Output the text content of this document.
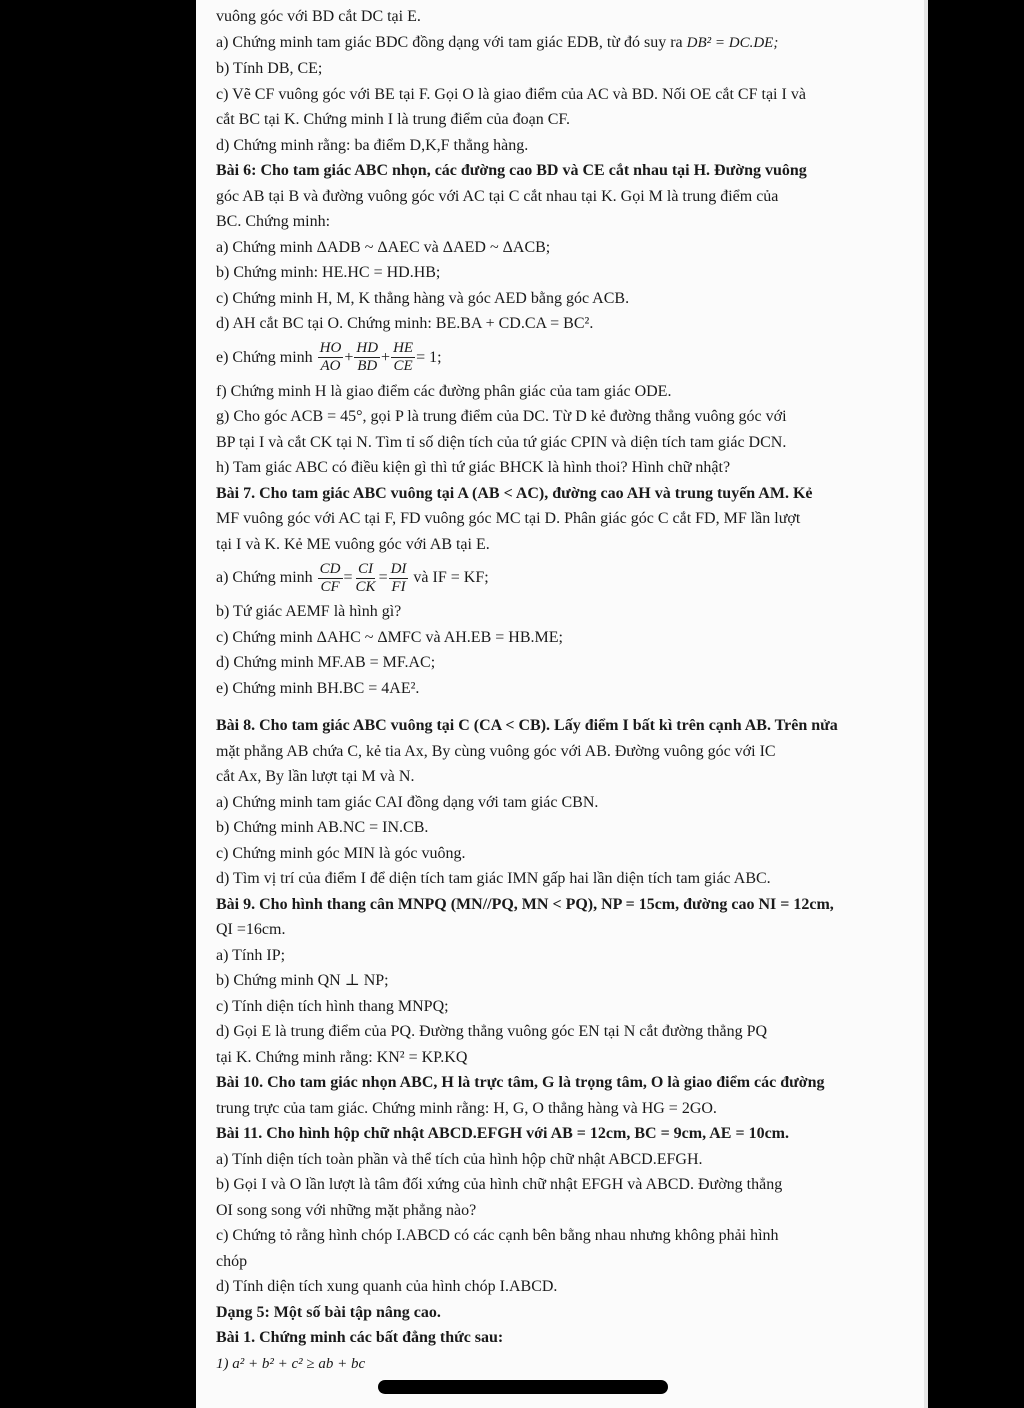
vuông góc với BD cắt DC tại E.
a) Chứng minh tam giác BDC đồng dạng với tam giác EDB, từ đó suy ra DB² = DC.DE;
b) Tính DB, CE;
c) Vẽ CF vuông góc với BE tại F. Gọi O là giao điểm của AC và BD. Nối OE cắt CF tại I và
cắt BC tại K. Chứng minh I là trung điểm của đoạn CF.
d) Chứng minh rằng: ba điểm D,K,F thẳng hàng.
Bài 6: Cho tam giác ABC nhọn, các đường cao BD và CE cắt nhau tại H. Đường vuông
góc AB tại B và đường vuông góc với AC tại C cắt nhau tại K. Gọi M là trung điểm của
BC. Chứng minh:
a) Chứng minh ΔADB ~ ΔAEC và ΔAED ~ ΔACB;
b) Chứng minh: HE.HC = HD.HB;
c) Chứng minh H, M, K thẳng hàng và góc AED bằng góc ACB.
d) AH cắt BC tại O. Chứng minh: BE.BA + CD.CA = BC².
e) Chứng minh $\frac{HO}{AO} + \frac{HD}{BD} + \frac{HE}{CE} = 1$;
f) Chứng minh H là giao điểm các đường phân giác của tam giác ODE.
g) Cho góc ACB = 45°, gọi P là trung điểm của DC. Từ D kẻ đường thẳng vuông góc với
BP tại I và cắt CK tại N. Tìm tỉ số diện tích của tứ giác CPIN và diện tích tam giác DCN.
h) Tam giác ABC có điều kiện gì thì tứ giác BHCK là hình thoi? Hình chữ nhật?
Bài 7. Cho tam giác ABC vuông tại A (AB < AC), đường cao AH và trung tuyến AM. Kẻ
MF vuông góc với AC tại F, FD vuông góc MC tại D. Phân giác góc C cắt FD, MF lần lượt
tại I và K. Kẻ ME vuông góc với AB tại E.
a) Chứng minh $\frac{CD}{CF} = \frac{CI}{CK} = \frac{DI}{FI}$ và IF = KF;
b) Tứ giác AEMF là hình gì?
c) Chứng minh ΔAHC ~ ΔMFC và AH.EB = HB.ME;
d) Chứng minh MF.AB = MF.AC;
e) Chứng minh BH.BC = 4AE².
Bài 8. Cho tam giác ABC vuông tại C (CA < CB). Lấy điểm I bất kì trên cạnh AB. Trên nửa
mặt phẳng AB chứa C, kẻ tia Ax, By cùng vuông góc với AB. Đường vuông góc với IC
cắt Ax, By lần lượt tại M và N.
a) Chứng minh tam giác CAI đồng dạng với tam giác CBN.
b) Chứng minh AB.NC = IN.CB.
c) Chứng minh góc MIN là góc vuông.
d) Tìm vị trí của điểm I để diện tích tam giác IMN gấp hai lần diện tích tam giác ABC.
Bài 9. Cho hình thang cân MNPQ (MN//PQ, MN < PQ), NP = 15cm, đường cao NI = 12cm,
QI =16cm.
a) Tính IP;
b) Chứng minh QN ⊥ NP;
c) Tính diện tích hình thang MNPQ;
d) Gọi E là trung điểm của PQ. Đường thẳng vuông góc EN tại N cắt đường thẳng PQ
tại K. Chứng minh rằng: KN² = KP.KQ
Bài 10. Cho tam giác nhọn ABC, H là trực tâm, G là trọng tâm, O là giao điểm các đường
trung trực của tam giác. Chứng minh rằng: H, G, O thẳng hàng và HG = 2GO.
Bài 11. Cho hình hộp chữ nhật ABCD.EFGH với AB = 12cm, BC = 9cm, AE = 10cm.
a) Tính diện tích toàn phần và thể tích của hình hộp chữ nhật ABCD.EFGH.
b) Gọi I và O lần lượt là tâm đối xứng của hình chữ nhật EFGH và ABCD. Đường thẳng
OI song song với những mặt phẳng nào?
c) Chứng tỏ rằng hình chóp I.ABCD có các cạnh bên bằng nhau nhưng không phải hình
chóp
d) Tính diện tích xung quanh của hình chóp I.ABCD.
Dạng 5: Một số bài tập nâng cao.
Bài 1. Chứng minh các bất đẳng thức sau:
1) a² + b² + c² ≥ ab + bc
